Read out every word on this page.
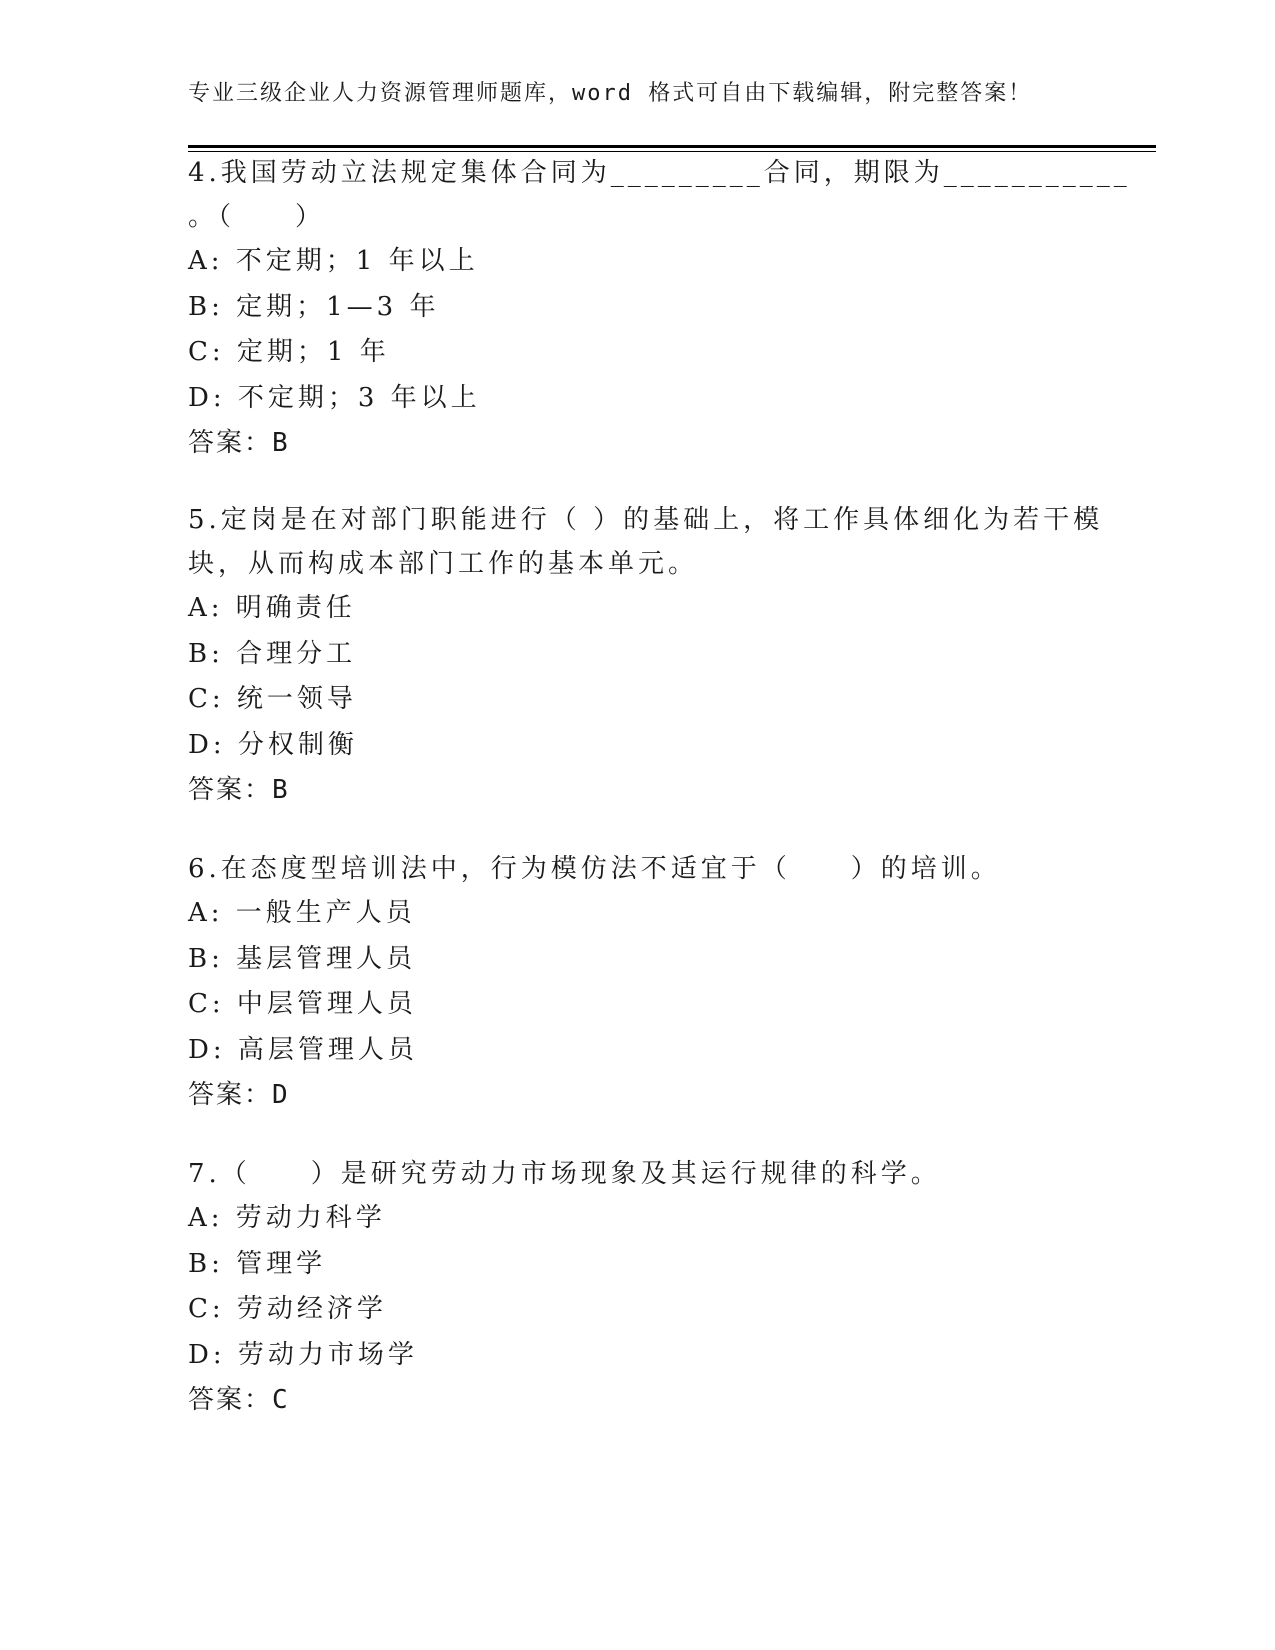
专业三级企业人力资源管理师题库，word 格式可自由下载编辑，附完整答案！

4.我国劳动立法规定集体合同为_________合同，期限为___________
。（　　）

A: 不定期；1 年以上

B: 定期；1—3 年

C: 定期；1 年

D: 不定期；3 年以上

答案：B

5.定岗是在对部门职能进行（ ）的基础上，将工作具体细化为若干模
块，从而构成本部门工作的基本单元。

A: 明确责任

B: 合理分工

C: 统一领导

D: 分权制衡

答案：B

6.在态度型培训法中，行为模仿法不适宜于（　　）的培训。

A: 一般生产人员

B: 基层管理人员

C: 中层管理人员

D: 高层管理人员

答案：D

7.（　　）是研究劳动力市场现象及其运行规律的科学。

A: 劳动力科学

B: 管理学

C: 劳动经济学

D: 劳动力市场学

答案：C
